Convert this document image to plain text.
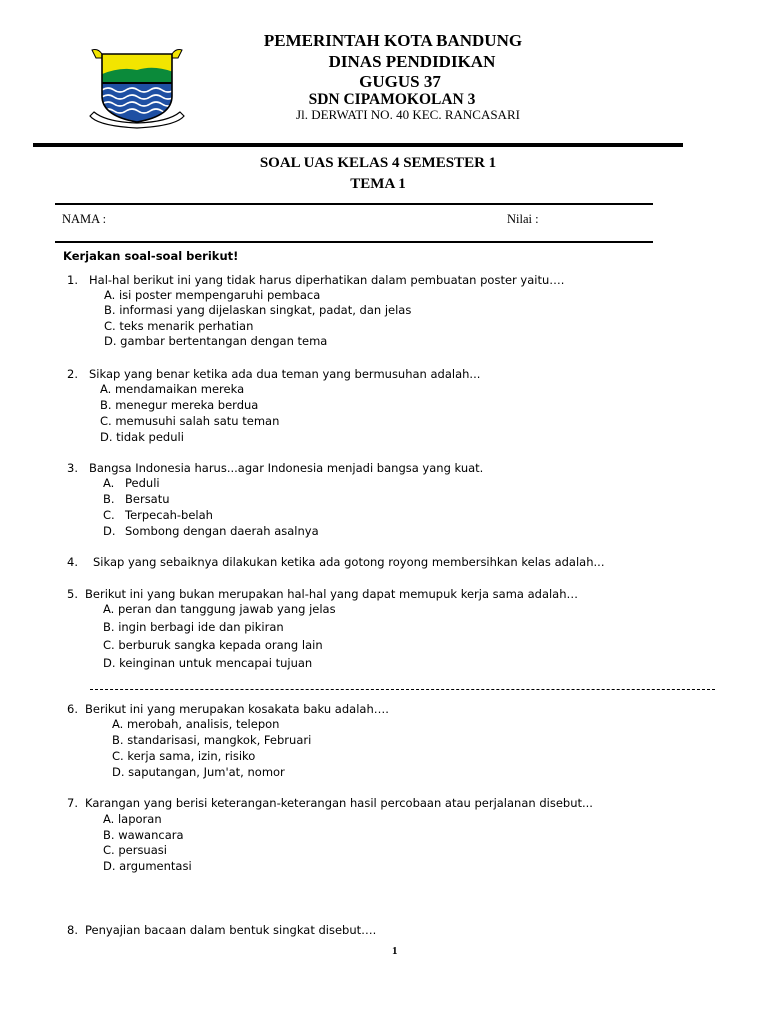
PEMERINTAH KOTA BANDUNG
DINAS PENDIDIKAN
GUGUS 37
SDN CIPAMOKOLAN 3
Jl. DERWATI NO. 40 KEC. RANCASARI
SOAL UAS KELAS 4 SEMESTER 1
TEMA 1
NAMA :	Nilai :
Kerjakan soal-soal berikut!
1. Hal-hal berikut ini yang tidak harus diperhatikan dalam pembuatan poster yaitu….
A. isi poster mempengaruhi pembaca
B. informasi yang dijelaskan singkat, padat, dan jelas
C. teks menarik perhatian
D. gambar bertentangan dengan tema
2. Sikap yang benar ketika ada dua teman yang bermusuhan adalah...
A. mendamaikan mereka
B. menegur mereka berdua
C. memusuhi salah satu teman
D. tidak peduli
3. Bangsa Indonesia harus...agar Indonesia menjadi bangsa yang kuat.
A. Peduli
B. Bersatu
C. Terpecah-belah
D. Sombong dengan daerah asalnya
4. Sikap yang sebaiknya dilakukan ketika ada gotong royong membersihkan kelas adalah...
5. Berikut ini yang bukan merupakan hal-hal yang dapat memupuk kerja sama adalah…
A. peran dan tanggung jawab yang jelas
B. ingin berbagi ide dan pikiran
C. berburuk sangka kepada orang lain
D. keinginan untuk mencapai tujuan
6. Berikut ini yang merupakan kosakata baku adalah….
A. merobah, analisis, telepon
B. standarisasi, mangkok, Februari
C. kerja sama, izin, risiko
D. saputangan, Jum'at, nomor
7. Karangan yang berisi keterangan-keterangan hasil percobaan atau perjalanan disebut...
A. laporan
B. wawancara
C. persuasi
D. argumentasi
8. Penyajian bacaan dalam bentuk singkat disebut….
1
